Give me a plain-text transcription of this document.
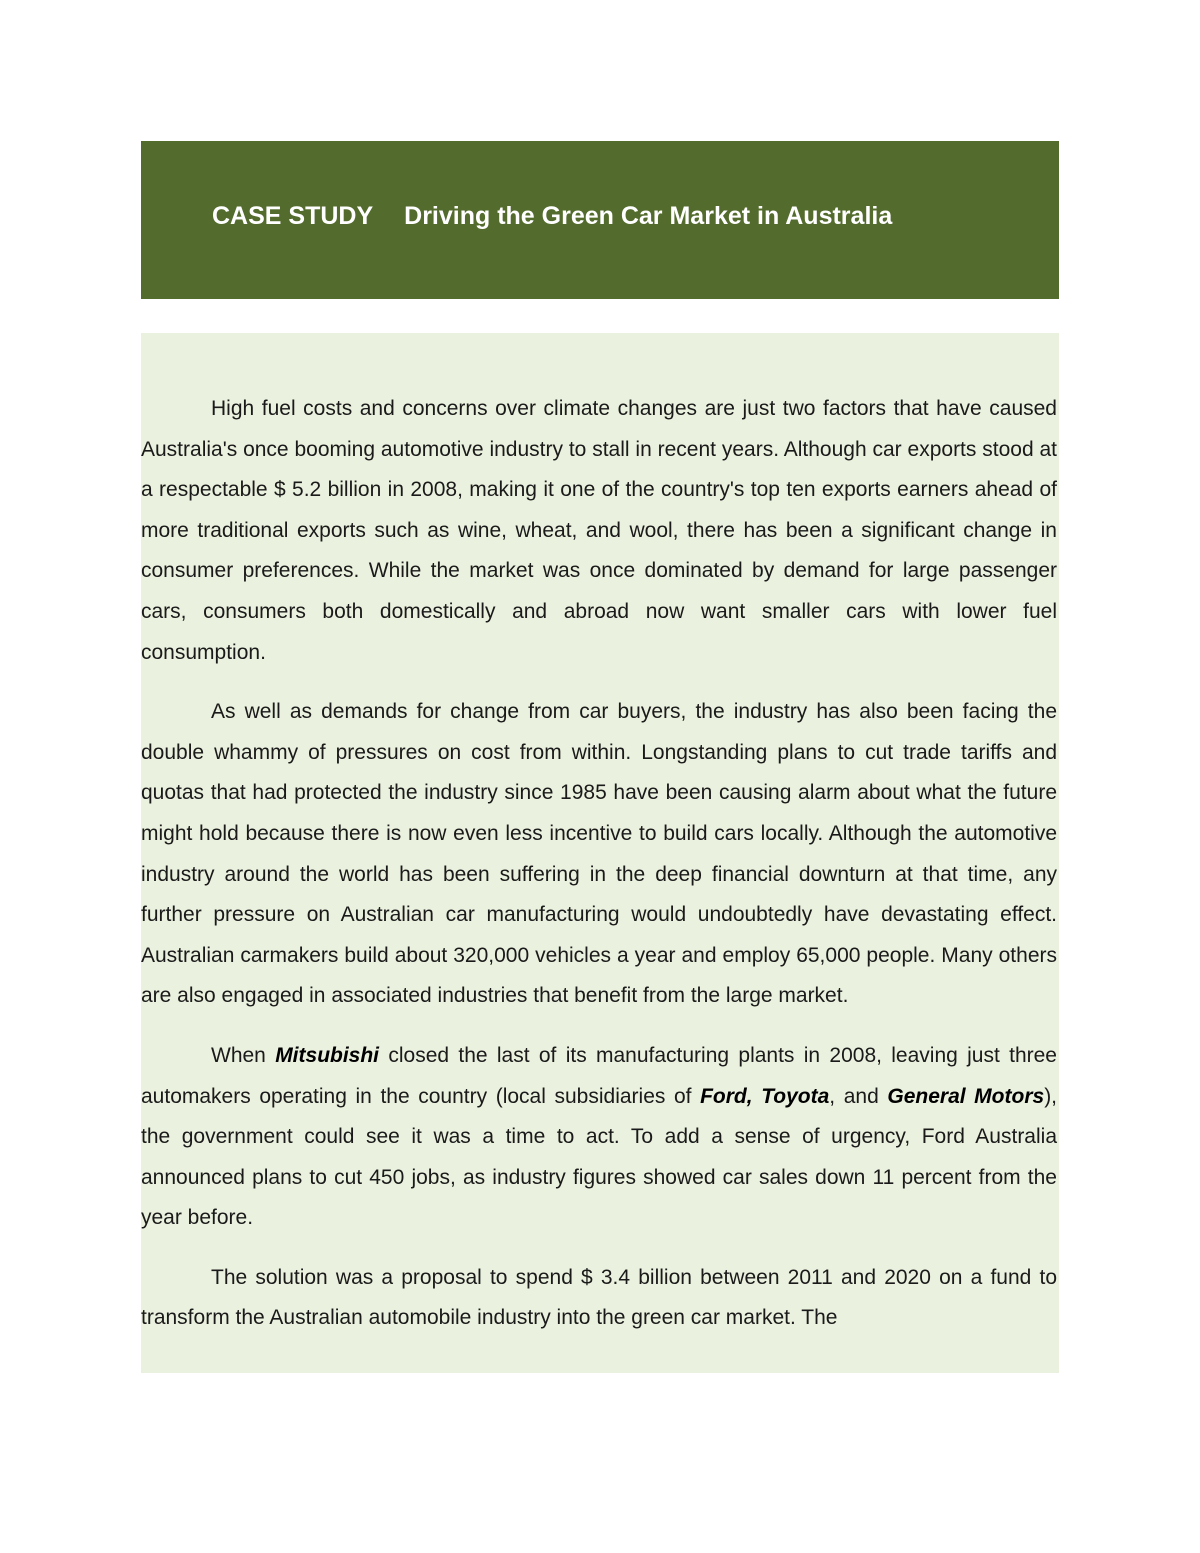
CASE STUDY Driving the Green Car Market in Australia

High fuel costs and concerns over climate changes are just two factors that have caused Australia's once booming automotive industry to stall in recent years. Although car exports stood at a respectable $ 5.2 billion in 2008, making it one of the country's top ten exports earners ahead of more traditional exports such as wine, wheat, and wool, there has been a significant change in consumer preferences. While the market was once dominated by demand for large passenger cars, consumers both domestically and abroad now want smaller cars with lower fuel consumption.

As well as demands for change from car buyers, the industry has also been facing the double whammy of pressures on cost from within. Longstanding plans to cut trade tariffs and quotas that had protected the industry since 1985 have been causing alarm about what the future might hold because there is now even less incentive to build cars locally. Although the automotive industry around the world has been suffering in the deep financial downturn at that time, any further pressure on Australian car manufacturing would undoubtedly have devastating effect. Australian carmakers build about 320,000 vehicles a year and employ 65,000 people. Many others are also engaged in associated industries that benefit from the large market.

When Mitsubishi closed the last of its manufacturing plants in 2008, leaving just three automakers operating in the country (local subsidiaries of Ford, Toyota, and General Motors), the government could see it was a time to act. To add a sense of urgency, Ford Australia announced plans to cut 450 jobs, as industry figures showed car sales down 11 percent from the year before.

The solution was a proposal to spend $ 3.4 billion between 2011 and 2020 on a fund to transform the Australian automobile industry into the green car market. The
